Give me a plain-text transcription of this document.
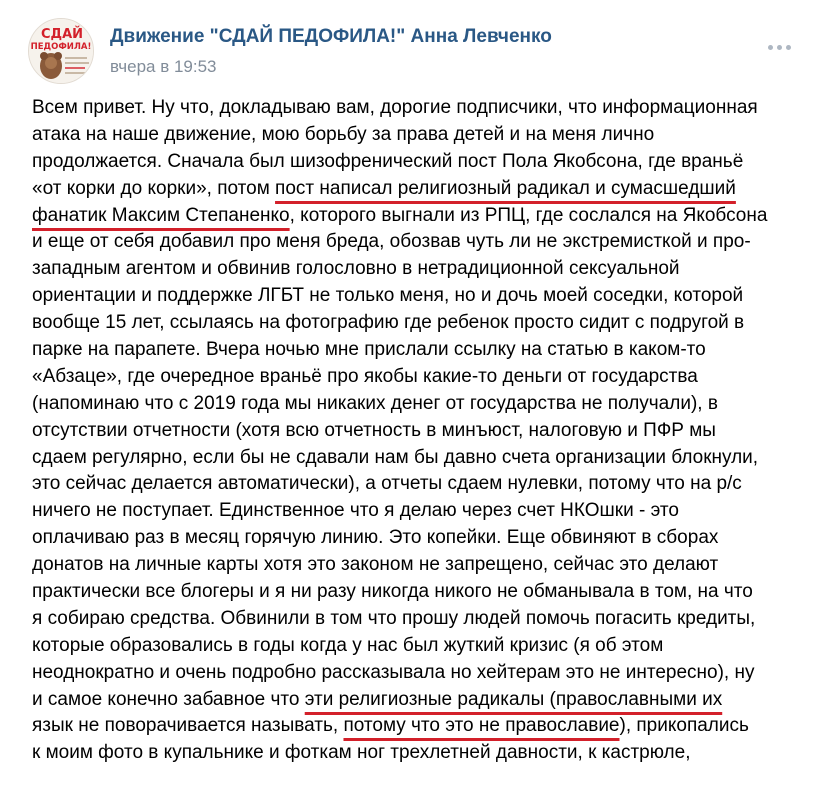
СДАЙ
ПЕДОФИЛА! Движение "СДАЙ ПЕДОФИЛА!" Анна Левченко
вчера в 19:53
Всем привет. Ну что, докладываю вам, дорогие подписчики, что информационная
атака на наше движение, мою борьбу за права детей и на меня лично
продолжается. Сначала был шизофренический пост Пола Якобсона, где враньё
«от корки до корки», потом пост написал религиозный радикал и сумасшедший
фанатик Максим Степаненко, которого выгнали из РПЦ, где сослался на Якобсона
и еще от себя добавил про меня бреда, обозвав чуть ли не экстремисткой и про-
западным агентом и обвинив голословно в нетрадиционной сексуальной
ориентации и поддержке ЛГБТ не только меня, но и дочь моей соседки, которой
вообще 15 лет, ссылаясь на фотографию где ребенок просто сидит с подругой в
парке на парапете. Вчера ночью мне прислали ссылку на статью в каком-то
«Абзаце», где очередное враньё про якобы какие-то деньги от государства
(напоминаю что с 2019 года мы никаких денег от государства не получали), в
отсутствии отчетности (хотя всю отчетность в минъюст, налоговую и ПФР мы
сдаем регулярно, если бы не сдавали нам бы давно счета организации блокнули,
это сейчас делается автоматически), а отчеты сдаем нулевки, потому что на р/с
ничего не поступает. Единственное что я делаю через счет НКОшки - это
оплачиваю раз в месяц горячую линию. Это копейки. Еще обвиняют в сборах
донатов на личные карты хотя это законом не запрещено, сейчас это делают
практически все блогеры и я ни разу никогда никого не обманывала в том, на что
я собираю средства. Обвинили в том что прошу людей помочь погасить кредиты,
которые образовались в годы когда у нас был жуткий кризис (я об этом
неоднократно и очень подробно рассказывала но хейтерам это не интересно), ну
и самое конечно забавное что эти религиозные радикалы (православными их
язык не поворачивается называть, потому что это не православие), прикопались
к моим фото в купальнике и фоткам ног трехлетней давности, к кастрюле,
